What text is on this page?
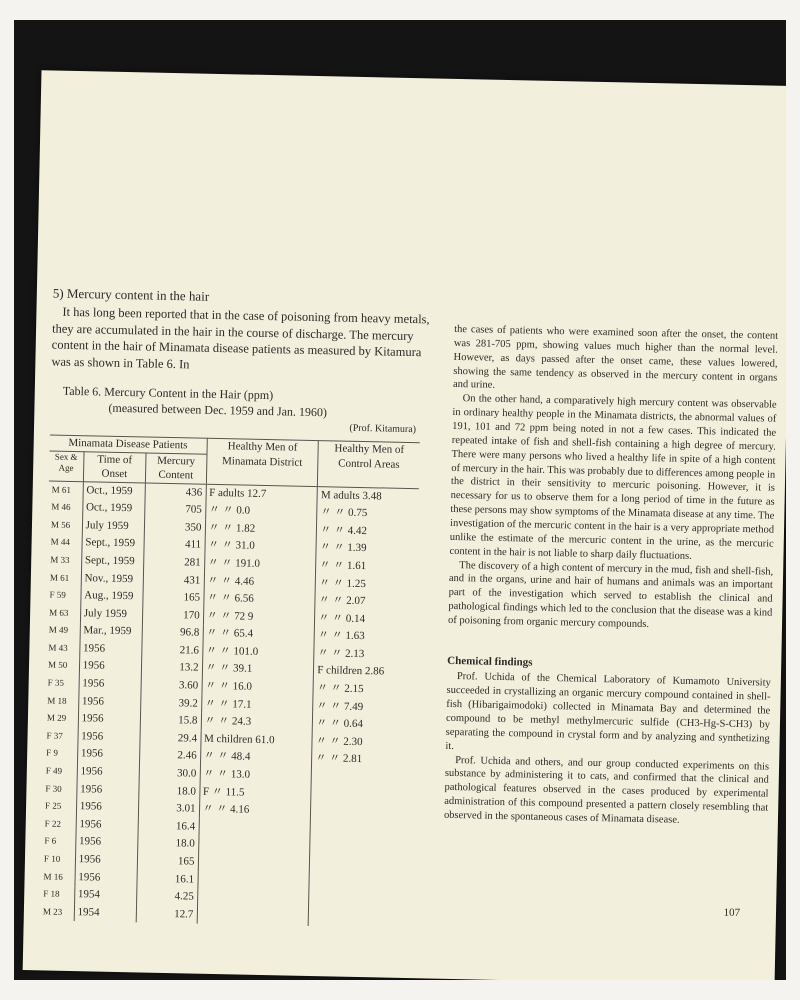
5) Mercury content in the hair

It has long been reported that in the case of poisoning from heavy metals, they are accumulated in the hair in the course of discharge. The mercury content in the hair of Minamata disease patients as measured by Kitamura was as shown in Table 6. In

Table 6. Mercury Content in the Hair (ppm)

(measured between Dec. 1959 and Jan. 1960)

(Prof. Kitamura)

Minamata Disease Patients			Healthy Men of Minamata District	Healthy Men of Control Areas
Sex & Age	Time of Onset	Mercury Content		
M 61	Oct., 1959	436	F adults 12.7	M adults 3.48
M 46	Oct., 1959	705	〃 〃 0.0	〃 〃 0.75
M 56	July 1959	350	〃 〃 1.82	〃 〃 4.42
M 44	Sept., 1959	411	〃 〃 31.0	〃 〃 1.39
M 33	Sept., 1959	281	〃 〃 191.0	〃 〃 1.61
M 61	Nov., 1959	431	〃 〃 4.46	〃 〃 1.25
F 59	Aug., 1959	165	〃 〃 6.56	〃 〃 2.07
M 63	July 1959	170	〃 〃 72 9	〃 〃 0.14
M 49	Mar., 1959	96.8	〃 〃 65.4	〃 〃 1.63
M 43	1956	21.6	〃 〃 101.0	〃 〃 2.13
M 50	1956	13.2	〃 〃 39.1	F children 2.86
F 35	1956	3.60	〃 〃 16.0	〃 〃 2.15
M 18	1956	39.2	〃 〃 17.1	〃 〃 7.49
M 29	1956	15.8	〃 〃 24.3	〃 〃 0.64
F 37	1956	29.4	M children 61.0	〃 〃 2.30
F 9	1956	2.46	〃 〃 48.4	〃 〃 2.81
F 49	1956	30.0	〃 〃 13.0	
F 30	1956	18.0	F 〃 11.5	
F 25	1956	3.01	〃 〃 4.16	
F 22	1956	16.4		
F 6	1956	18.0		
F 10	1956	165		
M 16	1956	16.1		
F 18	1954	4.25		
M 23	1954	12.7		

the cases of patients who were examined soon after the onset, the content was 281-705 ppm, showing values much higher than the normal level. However, as days passed after the onset came, these values lowered, showing the same tendency as observed in the mercury content in organs and urine.

On the other hand, a comparatively high mercury content was observable in ordinary healthy people in the Minamata districts, the abnormal values of 191, 101 and 72 ppm being noted in not a few cases. This indicated the repeated intake of fish and shell-fish containing a high degree of mercury. There were many persons who lived a healthy life in spite of a high content of mercury in the hair. This was probably due to differences among people in the district in their sensitivity to mercuric poisoning. However, it is necessary for us to observe them for a long period of time in the future as these persons may show symptoms of the Minamata disease at any time. The investigation of the mercuric content in the hair is a very appropriate method unlike the estimate of the mercuric content in the urine, as the mercuric content in the hair is not liable to sharp daily fluctuations.

The discovery of a high content of mercury in the mud, fish and shell-fish, and in the organs, urine and hair of humans and animals was an important part of the investigation which served to establish the clinical and pathological findings which led to the conclusion that the disease was a kind of poisoning from organic mercury compounds.

Chemical findings

Prof. Uchida of the Chemical Laboratory of Kumamoto University succeeded in crystallizing an organic mercury compound contained in shell-fish (Hibarigaimodoki) collected in Minamata Bay and determined the compound to be methyl methylmercuric sulfide (CH3-Hg-S-CH3) by separating the compound in crystal form and by analyzing and synthetizing it.

Prof. Uchida and others, and our group conducted experiments on this substance by administering it to cats, and confirmed that the clinical and pathological features observed in the cases produced by experimental administration of this compound presented a pattern closely resembling that observed in the spontaneous cases of Minamata disease.

107
